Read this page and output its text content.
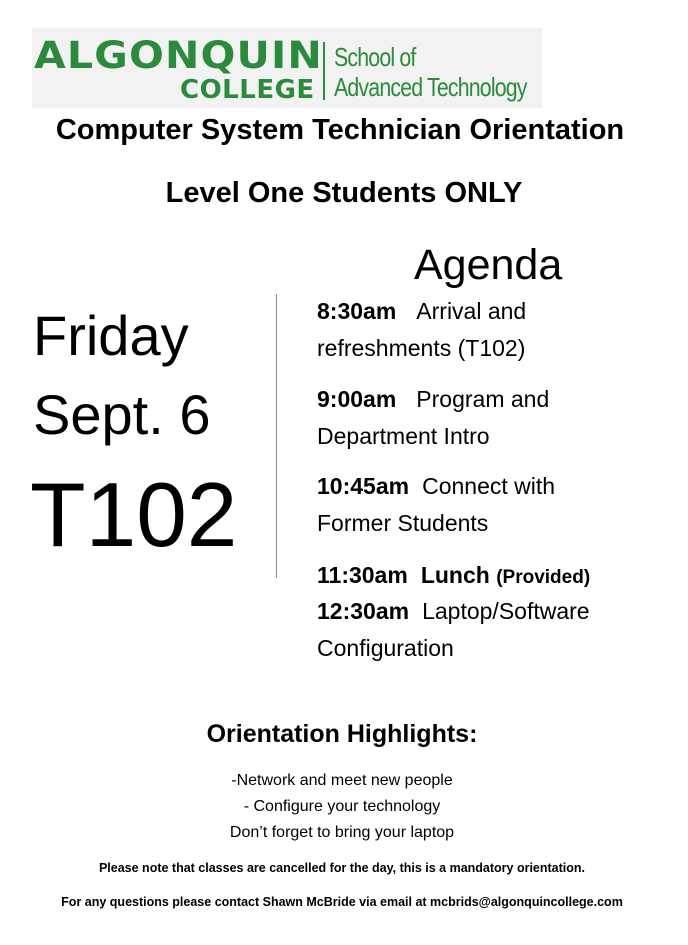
ALGONQUIN
COLLEGE
School of
Advanced Technology
Computer System Technician Orientation
Level One Students ONLY
Friday
Sept. 6
T102
Agenda
8:30am Arrival and
refreshments (T102)
9:00am Program and
Department Intro
10:45am Connect with
Former Students
11:30am Lunch (Provided)
12:30am Laptop/Software
Configuration
Orientation Highlights:
-Network and meet new people
- Configure your technology
Don’t forget to bring your laptop
Please note that classes are cancelled for the day, this is a mandatory orientation.
For any questions please contact Shawn McBride via email at mcbrids@algonquincollege.com
